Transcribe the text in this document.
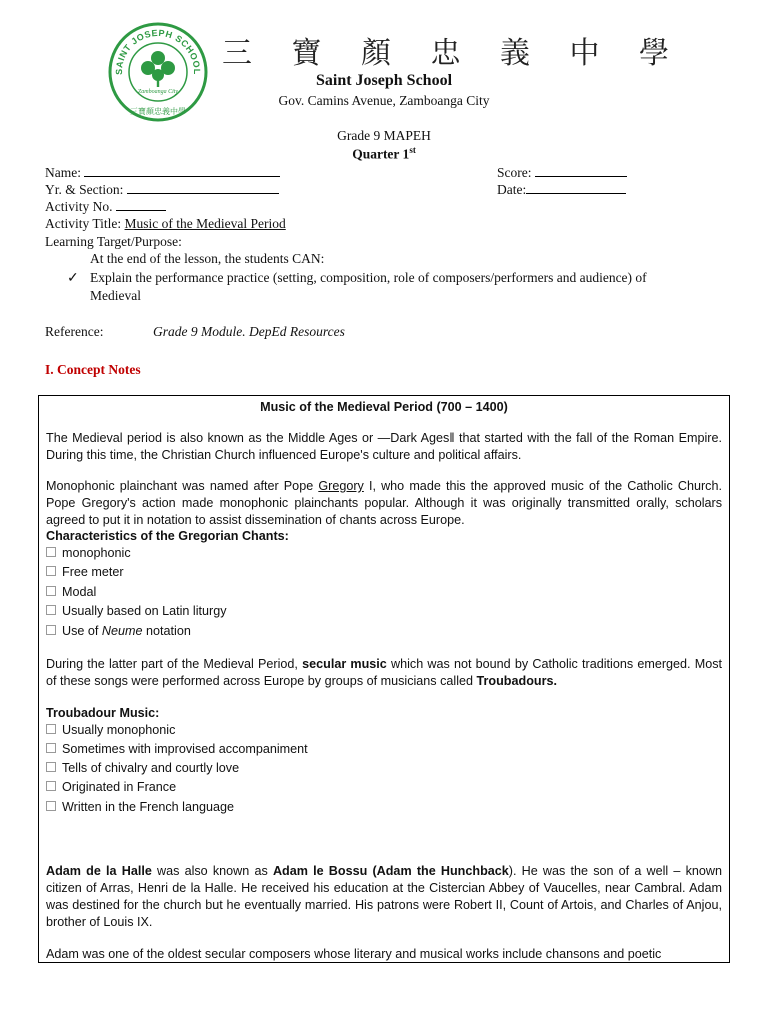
SAINT JOSEPH SCHOOL
Zamboanga City
三寶顏忠義中學
三 寶 顏 忠 義 中 學
Saint Joseph School
Gov. Camins Avenue, Zamboanga City
Grade 9 MAPEH
Quarter 1st
Name:	Score:
Yr. & Section:	Date:
Activity No.
Activity Title: Music of the Medieval Period
Learning Target/Purpose:
At the end of the lesson, the students CAN:
✓ Explain the performance practice (setting, composition, role of composers/performers and audience) of
Medieval
Reference:	Grade 9 Module. DepEd Resources
I. Concept Notes
Music of the Medieval Period (700 – 1400)
The Medieval period is also known as the Middle Ages or ―Dark Ages‖ that started with the fall of the Roman Empire. During this time, the Christian Church influenced Europe's culture and political affairs.
Monophonic plainchant was named after Pope Gregory I, who made this the approved music of the Catholic Church. Pope Gregory's action made monophonic plainchants popular. Although it was originally transmitted orally, scholars agreed to put it in notation to assist dissemination of chants across Europe.
Characteristics of the Gregorian Chants:
monophonic
Free meter
Modal
Usually based on Latin liturgy
Use of Neume notation
During the latter part of the Medieval Period, secular music which was not bound by Catholic traditions emerged. Most of these songs were performed across Europe by groups of musicians called Troubadours.
Troubadour Music:
Usually monophonic
Sometimes with improvised accompaniment
Tells of chivalry and courtly love
Originated in France
Written in the French language
Adam de la Halle was also known as Adam le Bossu (Adam the Hunchback). He was the son of a well – known citizen of Arras, Henri de la Halle. He received his education at the Cistercian Abbey of Vaucelles, near Cambral. Adam was destined for the church but he eventually married. His patrons were Robert II, Count of Artois, and Charles of Anjou, brother of Louis IX.
Adam was one of the oldest secular composers whose literary and musical works include chansons and poetic
